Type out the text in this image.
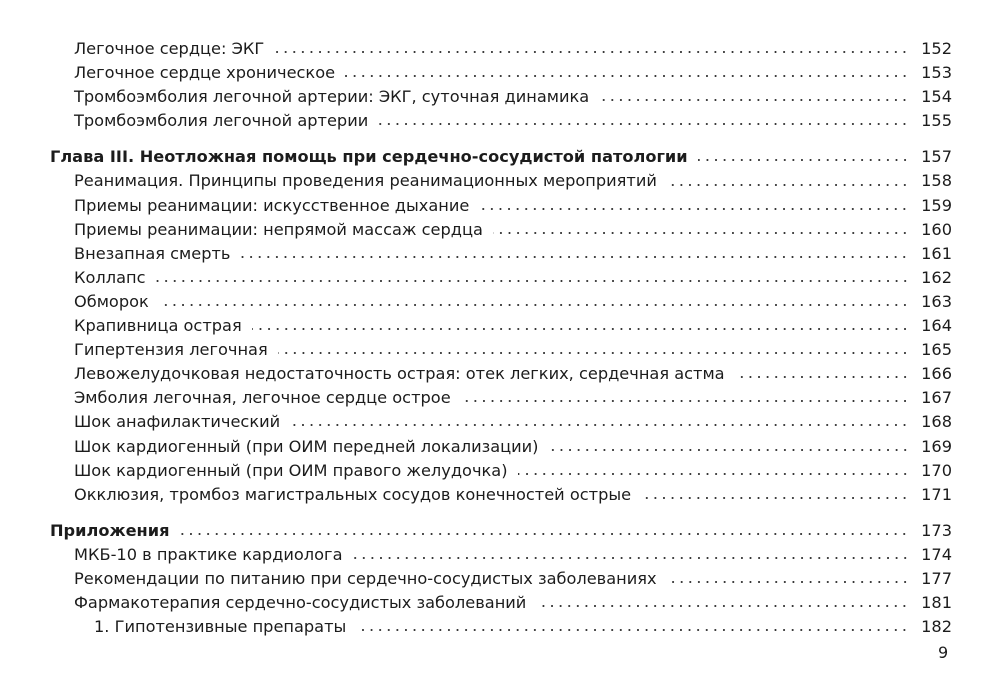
Легочное сердце: ЭКГ	152
Легочное сердце хроническое	153
Тромбоэмболия легочной артерии: ЭКГ, суточная динамика	154
Тромбоэмболия легочной артерии	155
Глава III. Неотложная помощь при сердечно-сосудистой патологии	157
Реанимация. Принципы проведения реанимационных мероприятий	158
Приемы реанимации: искусственное дыхание	159
Приемы реанимации: непрямой массаж сердца	160
Внезапная смерть	161
Коллапс	162
Обморок	163
Крапивница острая	164
Гипертензия легочная	165
Левожелудочковая недостаточность острая: отек легких, сердечная астма	166
Эмболия легочная, легочное сердце острое	167
Шок анафилактический	168
Шок кардиогенный (при ОИМ передней локализации)	169
Шок кардиогенный (при ОИМ правого желудочка)	170
Окклюзия, тромбоз магистральных сосудов конечностей острые	171
Приложения	173
МКБ-10 в практике кардиолога	174
Рекомендации по питанию при сердечно-сосудистых заболеваниях	177
Фармакотерапия сердечно-сосудистых заболеваний	181
1. Гипотензивные препараты	182
9
